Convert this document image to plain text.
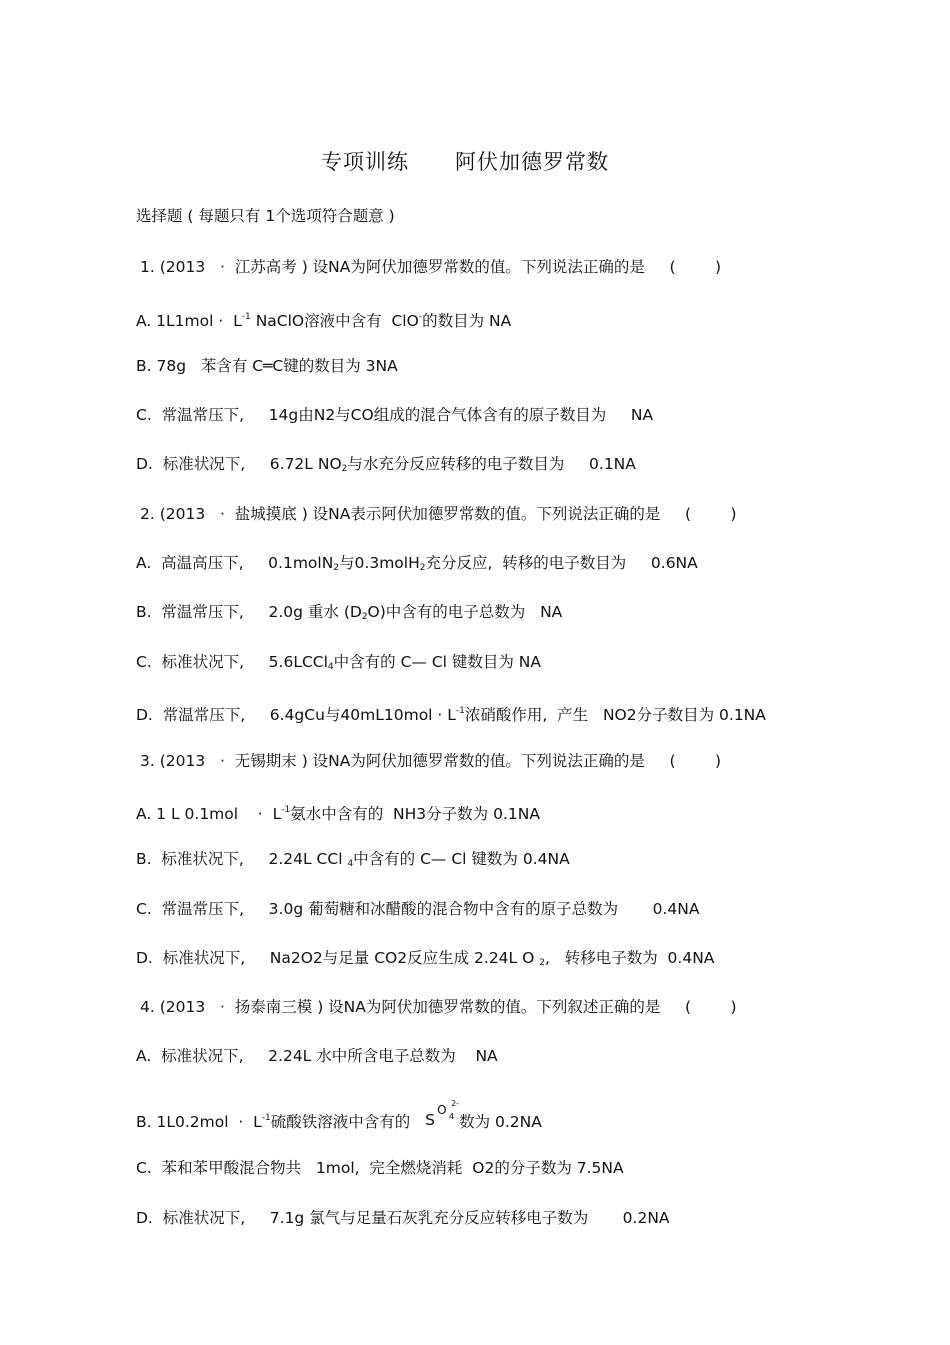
专项训练      阿伏加德罗常数
选择题 ( 每题只有 1个选项符合题意 )
1. (2013   ·  江苏高考 ) 设NA为阿伏加德罗常数的值。下列说法正确的是     (        )
A. $1L1mol \cdot L^{-1}$ NaClO溶液中含有  ClO-的数目为 NA
B. 78g   苯含有 C═C键的数目为 3NA
C.  常温常压下,     14g由N2与CO组成的混合气体含有的原子数目为     NA
D.  标准状况下,     6.72L $NO_2$与水充分反应转移的电子数目为     0.1NA
2. (2013   ·  盐城摸底 ) 设NA表示阿伏加德罗常数的值。下列说法正确的是     (        )
A.  高温高压下,     0.1molN$_2$与0.3molH$_2$充分反应,  转移的电子数目为     0.6NA
B.  常温常压下,     2.0g 重水 $(D_2O)$中含有的电子总数为   NA
C.  标准状况下,     5.6LCCl$_4$中含有的 C— Cl 键数目为 NA
D.  常温常压下,     6.4gCu与$40mL10mol \cdot L^{-1}$浓硝酸作用,  产生   NO2分子数目为 0.1NA
3. (2013   ·  无锡期末 ) 设NA为阿伏加德罗常数的值。下列说法正确的是     (        )
A. 1 L 0.1mol    ·  $L^{-1}$氨水中含有的  NH3分子数为 0.1NA
B.  标准状况下,     2.24L CCl $_4$中含有的 C— Cl 键数为 0.4NA
C.  常温常压下,     3.0g 葡萄糖和冰醋酸的混合物中含有的原子总数为       0.4NA
D.  标准状况下,     Na2O2与足量 CO2反应生成 2.24L O $_2$,   转移电子数为  0.4NA
4. (2013   ·  扬泰南三模 ) 设NA为阿伏加德罗常数的值。下列叙述正确的是     (        )
A.  标准状况下,     2.24L 水中所含电子总数为    NA
B. $1L0.2mol \cdot L^{-1}$硫酸铁溶液中含有的 S
O 2-
4 数为 0.2NA
C.  苯和苯甲酸混合物共   1mol,  完全燃烧消耗  O2的分子数为 7.5NA
D.  标准状况下,     7.1g 氯气与足量石灰乳充分反应转移电子数为       0.2NA
